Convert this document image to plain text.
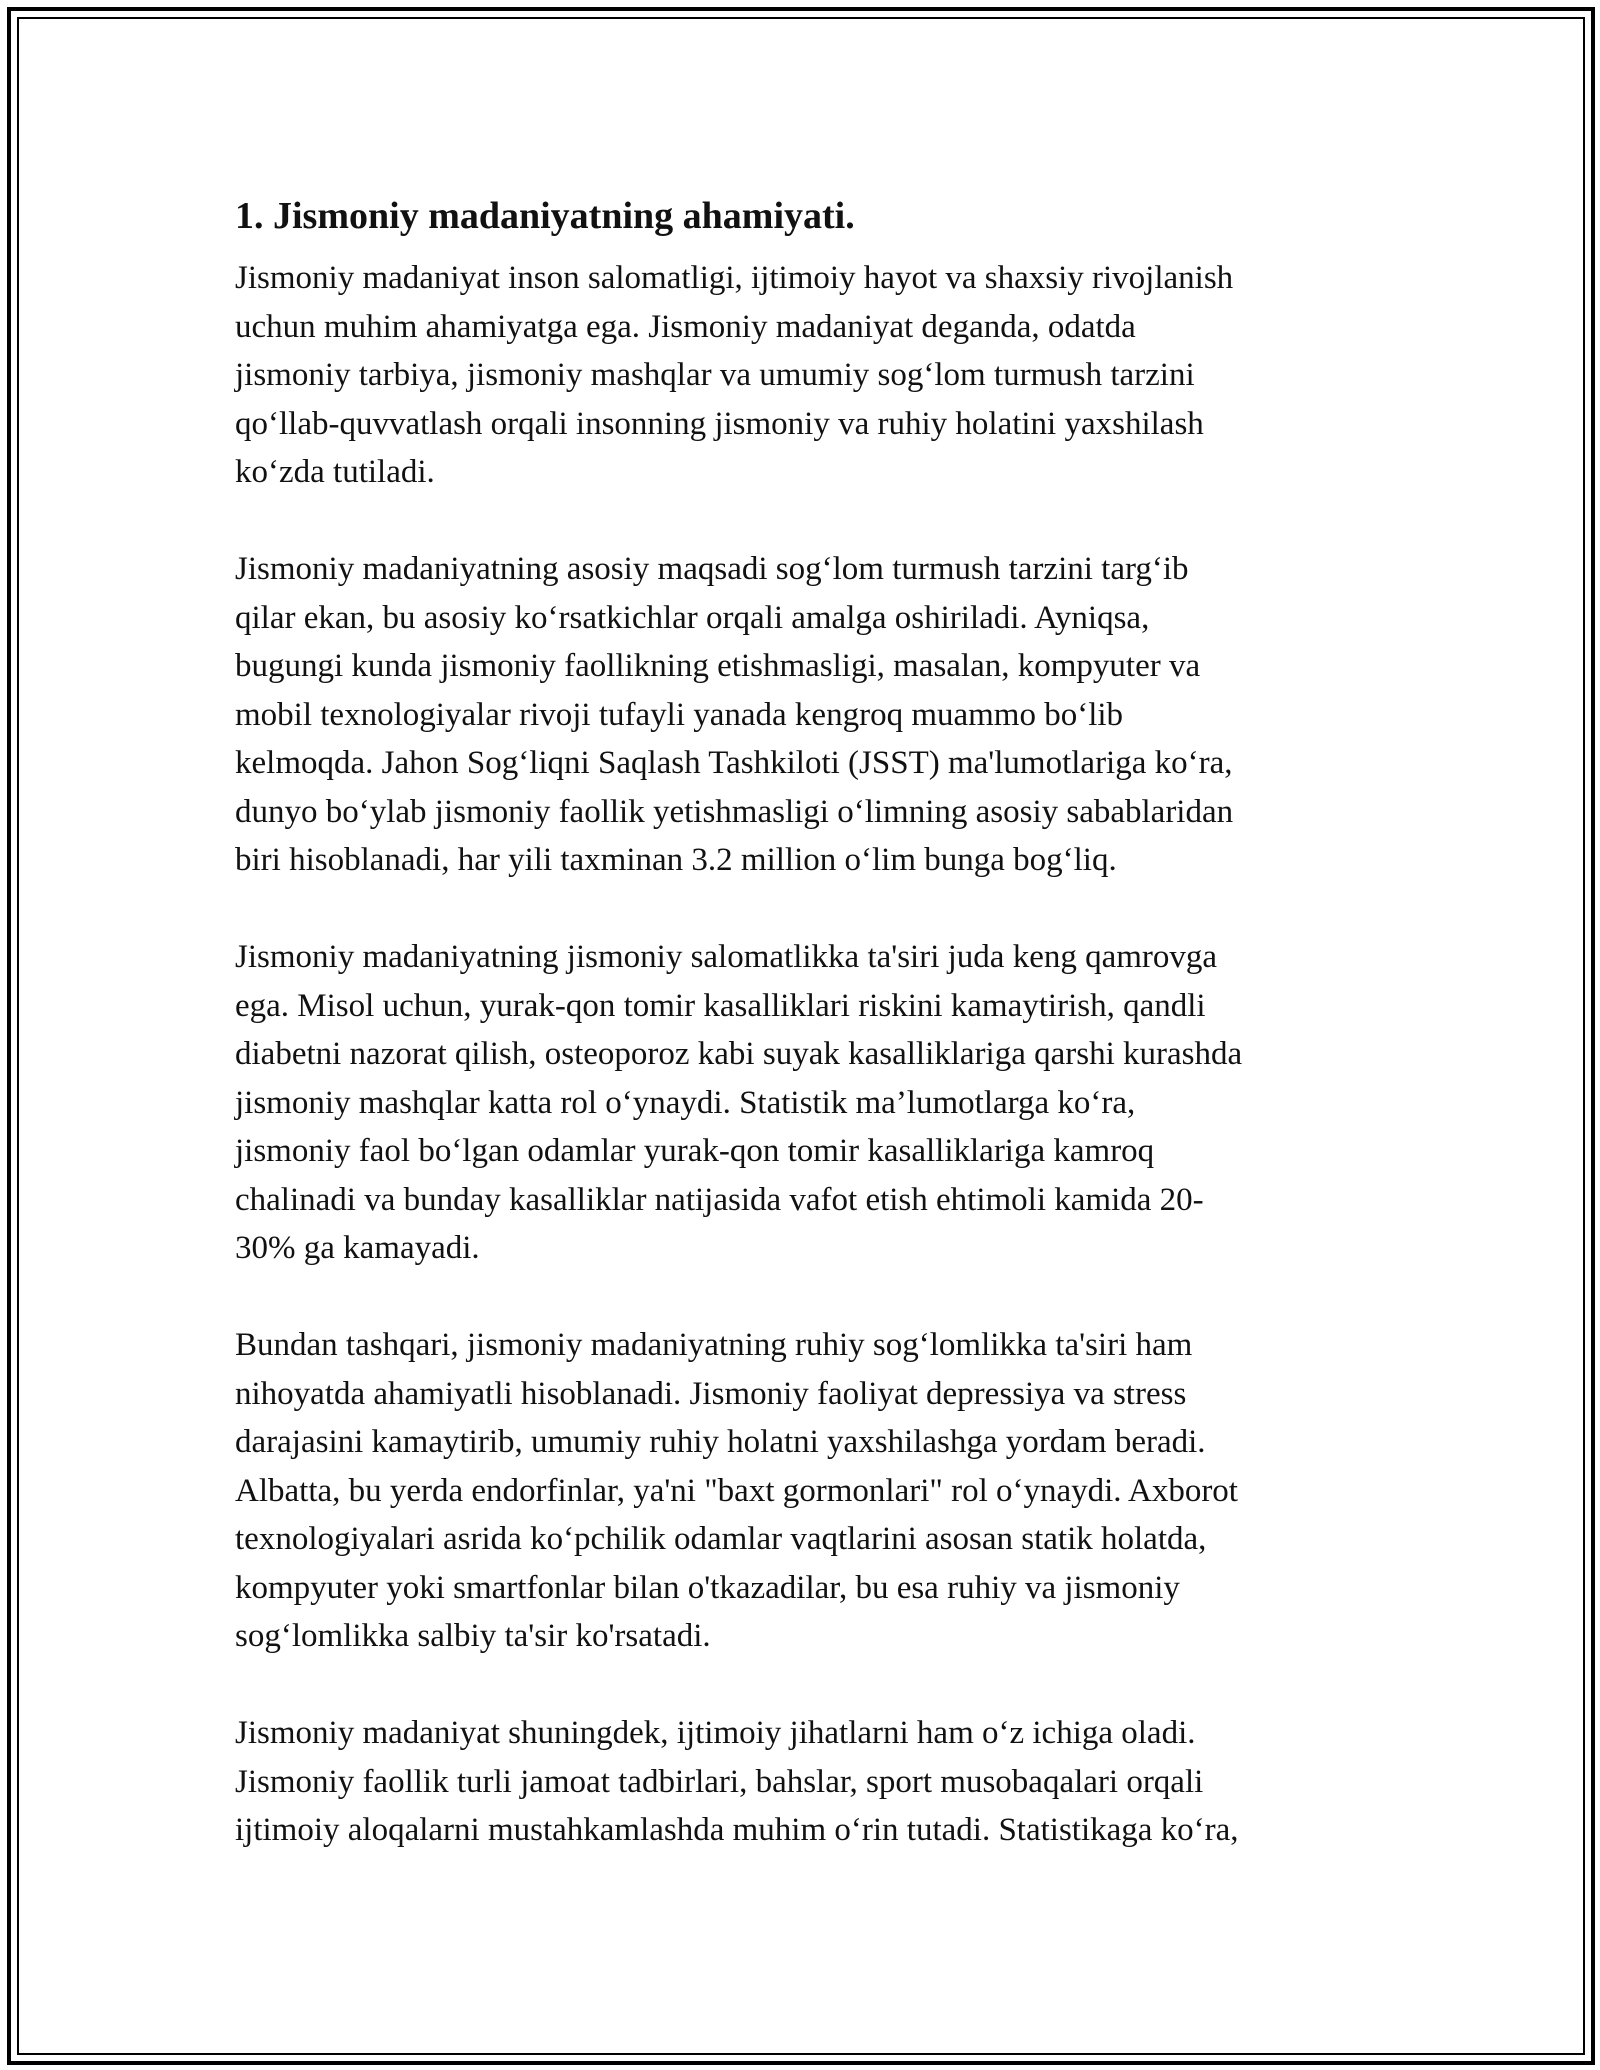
1. Jismoniy madaniyatning ahamiyati.
Jismoniy madaniyat inson salomatligi, ijtimoiy hayot va shaxsiy rivojlanish
uchun muhim ahamiyatga ega. Jismoniy madaniyat deganda, odatda
jismoniy tarbiya, jismoniy mashqlar va umumiy sog‘lom turmush tarzini
qo‘llab-quvvatlash orqali insonning jismoniy va ruhiy holatini yaxshilash
ko‘zda tutiladi.
Jismoniy madaniyatning asosiy maqsadi sog‘lom turmush tarzini targ‘ib
qilar ekan, bu asosiy ko‘rsatkichlar orqali amalga oshiriladi. Ayniqsa,
bugungi kunda jismoniy faollikning etishmasligi, masalan, kompyuter va
mobil texnologiyalar rivoji tufayli yanada kengroq muammo bo‘lib
kelmoqda. Jahon Sog‘liqni Saqlash Tashkiloti (JSST) ma'lumotlariga ko‘ra,
dunyo bo‘ylab jismoniy faollik yetishmasligi o‘limning asosiy sabablaridan
biri hisoblanadi, har yili taxminan 3.2 million o‘lim bunga bog‘liq.
Jismoniy madaniyatning jismoniy salomatlikka ta'siri juda keng qamrovga
ega. Misol uchun, yurak-qon tomir kasalliklari riskini kamaytirish, qandli
diabetni nazorat qilish, osteoporoz kabi suyak kasalliklariga qarshi kurashda
jismoniy mashqlar katta rol o‘ynaydi. Statistik ma’lumotlarga ko‘ra,
jismoniy faol bo‘lgan odamlar yurak-qon tomir kasalliklariga kamroq
chalinadi va bunday kasalliklar natijasida vafot etish ehtimoli kamida 20-
30% ga kamayadi.
Bundan tashqari, jismoniy madaniyatning ruhiy sog‘lomlikka ta'siri ham
nihoyatda ahamiyatli hisoblanadi. Jismoniy faoliyat depressiya va stress
darajasini kamaytirib, umumiy ruhiy holatni yaxshilashga yordam beradi.
Albatta, bu yerda endorfinlar, ya'ni "baxt gormonlari" rol o‘ynaydi. Axborot
texnologiyalari asrida ko‘pchilik odamlar vaqtlarini asosan statik holatda,
kompyuter yoki smartfonlar bilan o'tkazadilar, bu esa ruhiy va jismoniy
sog‘lomlikka salbiy ta'sir ko'rsatadi.
Jismoniy madaniyat shuningdek, ijtimoiy jihatlarni ham o‘z ichiga oladi.
Jismoniy faollik turli jamoat tadbirlari, bahslar, sport musobaqalari orqali
ijtimoiy aloqalarni mustahkamlashda muhim o‘rin tutadi. Statistikaga ko‘ra,
